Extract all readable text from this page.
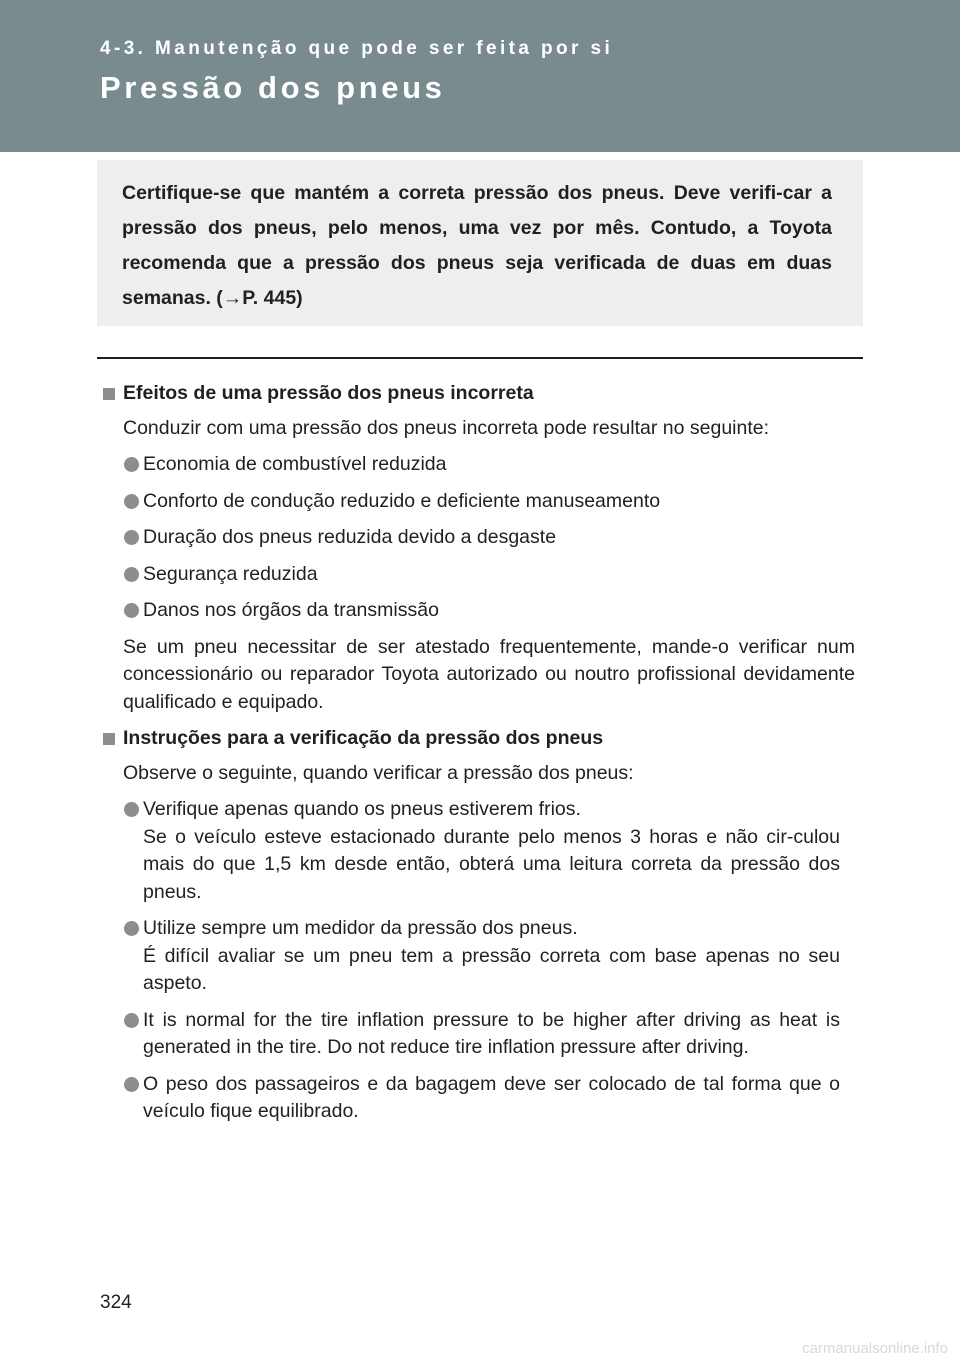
4-3. Manutenção que pode ser feita por si
Pressão dos pneus
Certifique-se que mantém a correta pressão dos pneus. Deve verifi-car a pressão dos pneus, pelo menos, uma vez por mês. Contudo, a Toyota recomenda que a pressão dos pneus seja verificada de duas em duas semanas. (→P. 445)
Efeitos de uma pressão dos pneus incorreta
Conduzir com uma pressão dos pneus incorreta pode resultar no seguinte:
Economia de combustível reduzida
Conforto de condução reduzido e deficiente manuseamento
Duração dos pneus reduzida devido a desgaste
Segurança reduzida
Danos nos órgãos da transmissão
Se um pneu necessitar de ser atestado frequentemente, mande-o verificar num concessionário ou reparador Toyota autorizado ou noutro profissional devidamente qualificado e equipado.
Instruções para a verificação da pressão dos pneus
Observe o seguinte, quando verificar a pressão dos pneus:
Verifique apenas quando os pneus estiverem frios.
Se o veículo esteve estacionado durante pelo menos 3 horas e não cir-culou mais do que 1,5 km desde então, obterá uma leitura correta da pressão dos pneus.
Utilize sempre um medidor da pressão dos pneus.
É difícil avaliar se um pneu tem a pressão correta com base apenas no seu aspeto.
It is normal for the tire inflation pressure to be higher after driving as heat is generated in the tire. Do not reduce tire inflation pressure after driving.
O peso dos passageiros e da bagagem deve ser colocado de tal forma que o veículo fique equilibrado.
324
carmanualsonline.info
